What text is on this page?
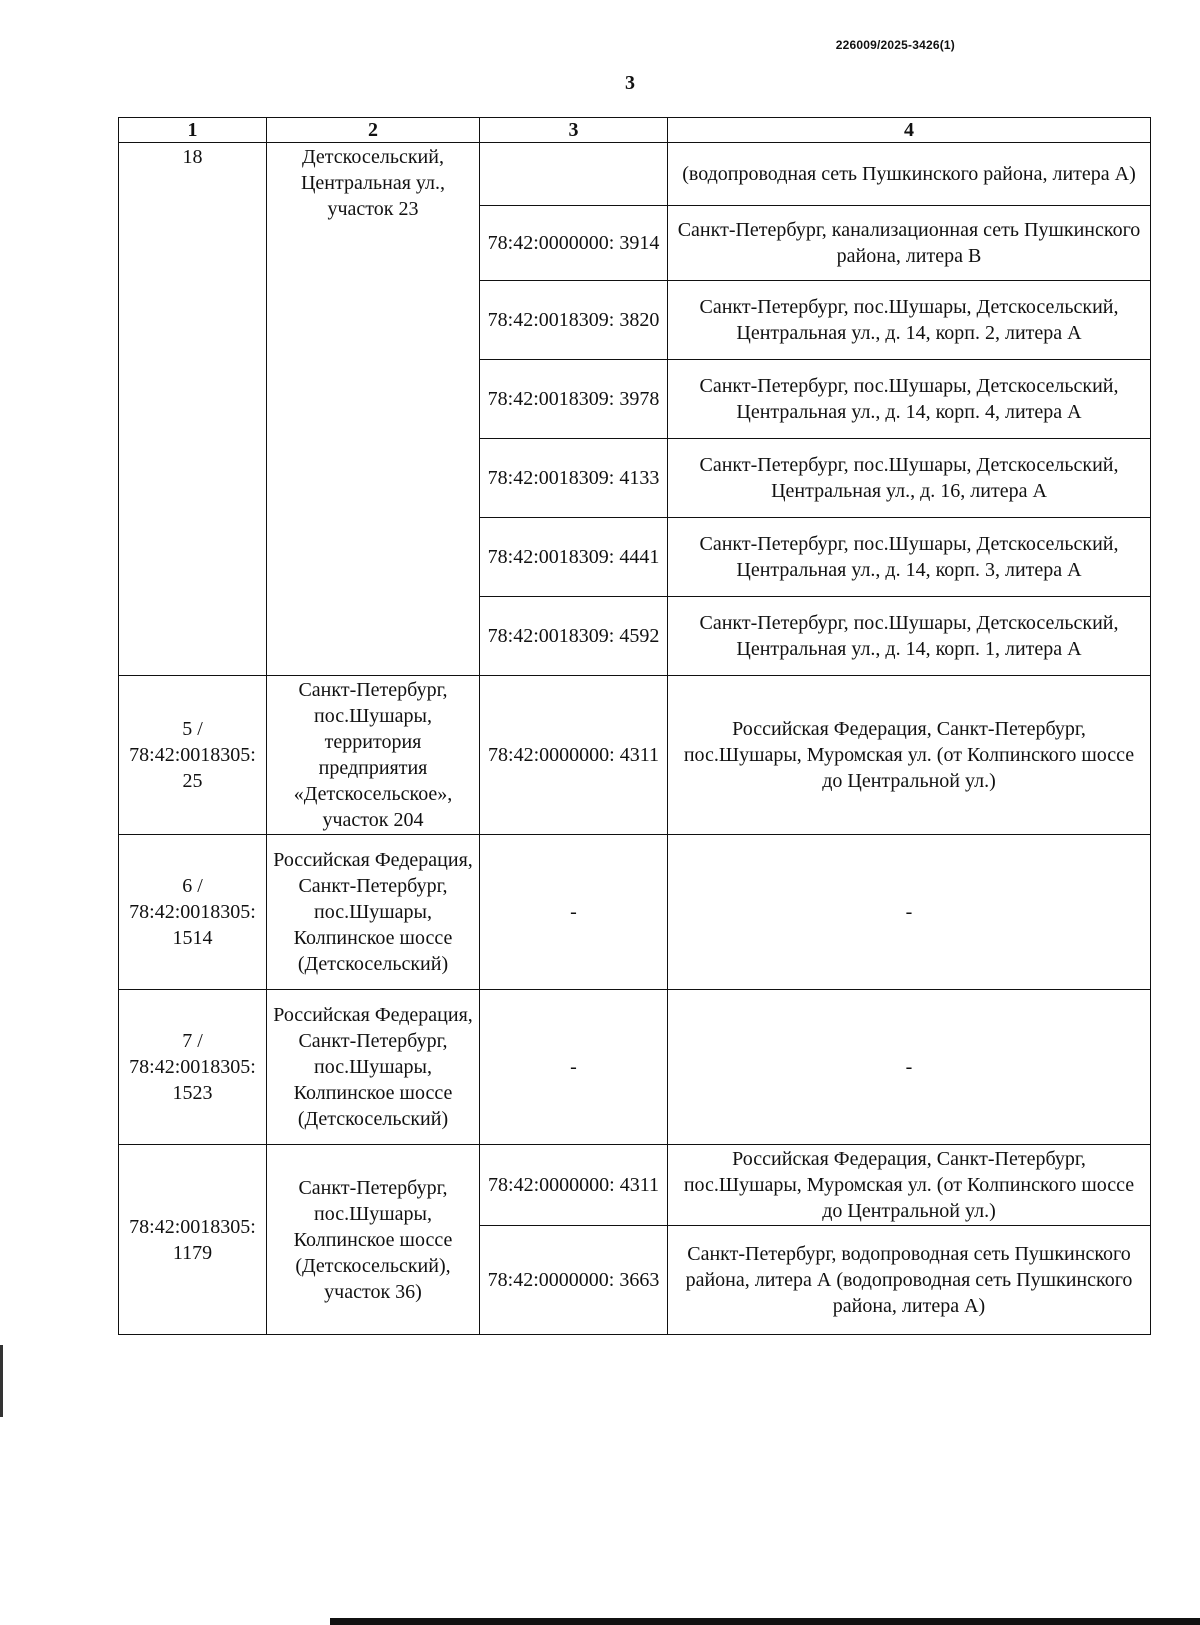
226009/2025-3426(1)
3
1	2	3	4
18	Детскосельский, Центральная ул., участок 23		(водопроводная сеть Пушкинского района, литера А)
		78:42:0000000: 3914	Санкт-Петербург, канализационная сеть Пушкинского района, литера В
		78:42:0018309: 3820	Санкт-Петербург, пос.Шушары, Детскосельский, Центральная ул., д. 14, корп. 2, литера А
		78:42:0018309: 3978	Санкт-Петербург, пос.Шушары, Детскосельский, Центральная ул., д. 14, корп. 4, литера А
		78:42:0018309: 4133	Санкт-Петербург, пос.Шушары, Детскосельский, Центральная ул., д. 16, литера А
		78:42:0018309: 4441	Санкт-Петербург, пос.Шушары, Детскосельский, Центральная ул., д. 14, корп. 3, литера А
		78:42:0018309: 4592	Санкт-Петербург, пос.Шушары, Детскосельский, Центральная ул., д. 14, корп. 1, литера А
5 / 78:42:0018305: 25	Санкт-Петербург, пос.Шушары, территория предприятия «Детскосельское», участок 204	78:42:0000000: 4311	Российская Федерация, Санкт-Петербург, пос.Шушары, Муромская ул. (от Колпинского шоссе до Центральной ул.)
6 / 78:42:0018305: 1514	Российская Федерация, Санкт-Петербург, пос.Шушары, Колпинское шоссе (Детскосельский)	-	-
7 / 78:42:0018305: 1523	Российская Федерация, Санкт-Петербург, пос.Шушары, Колпинское шоссе (Детскосельский)	-	-
78:42:0018305: 1179	Санкт-Петербург, пос.Шушары, Колпинское шоссе (Детскосельский), участок 36)	78:42:0000000: 4311	Российская Федерация, Санкт-Петербург, пос.Шушары, Муромская ул. (от Колпинского шоссе до Центральной ул.)
		78:42:0000000: 3663	Санкт-Петербург, водопроводная сеть Пушкинского района, литера А (водопроводная сеть Пушкинского района, литера А)
